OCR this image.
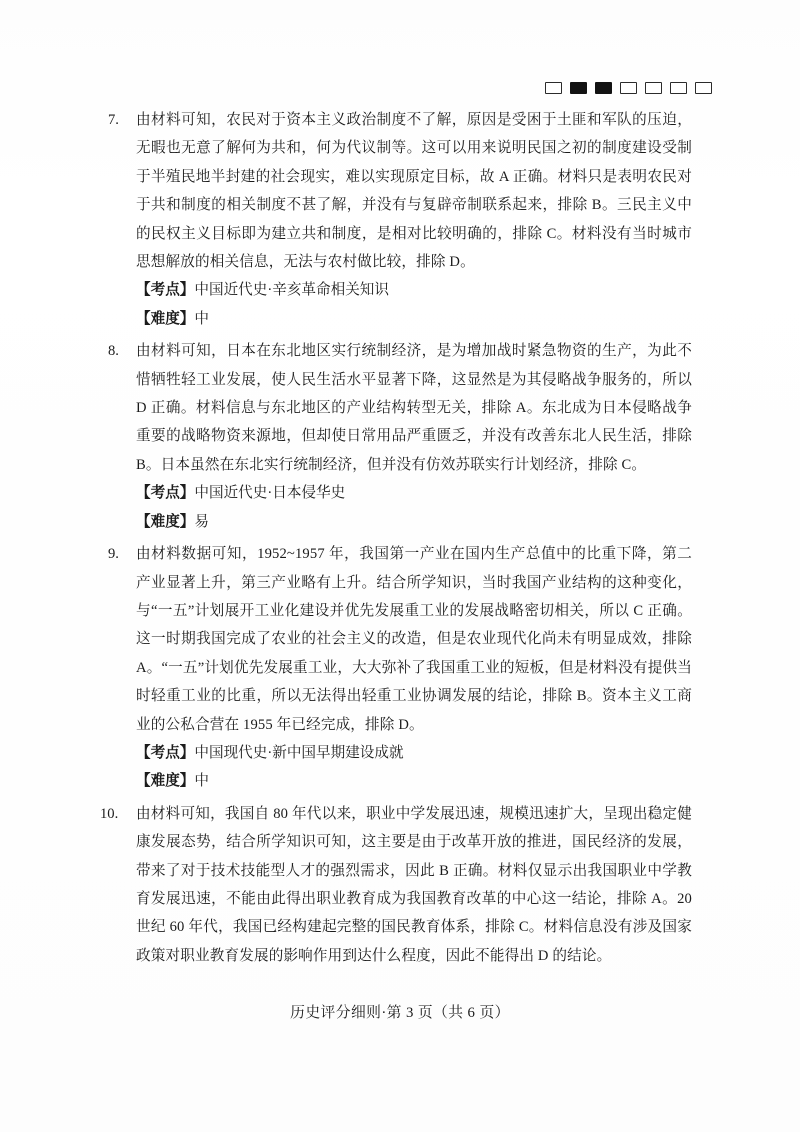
7.	由材料可知，农民对于资本主义政治制度不了解，原因是受困于土匪和军队的压迫，无暇也无意了解何为共和，何为代议制等。这可以用来说明民国之初的制度建设受制于半殖民地半封建的社会现实，难以实现原定目标，故 A 正确。材料只是表明农民对于共和制度的相关制度不甚了解，并没有与复辟帝制联系起来，排除 B。三民主义中的民权主义目标即为建立共和制度，是相对比较明确的，排除 C。材料没有当时城市思想解放的相关信息，无法与农村做比较，排除 D。

【考点】中国近代史·辛亥革命相关知识

【难度】中

8.	由材料可知，日本在东北地区实行统制经济，是为增加战时紧急物资的生产，为此不惜牺牲轻工业发展，使人民生活水平显著下降，这显然是为其侵略战争服务的，所以 D 正确。材料信息与东北地区的产业结构转型无关，排除 A。东北成为日本侵略战争重要的战略物资来源地，但却使日常用品严重匮乏，并没有改善东北人民生活，排除 B。日本虽然在东北实行统制经济，但并没有仿效苏联实行计划经济，排除 C。

【考点】中国近代史·日本侵华史

【难度】易

9.	由材料数据可知，1952~1957 年，我国第一产业在国内生产总值中的比重下降，第二产业显著上升，第三产业略有上升。结合所学知识，当时我国产业结构的这种变化，与“一五”计划展开工业化建设并优先发展重工业的发展战略密切相关，所以 C 正确。这一时期我国完成了农业的社会主义的改造，但是农业现代化尚未有明显成效，排除 A。“一五”计划优先发展重工业，大大弥补了我国重工业的短板，但是材料没有提供当时轻重工业的比重，所以无法得出轻重工业协调发展的结论，排除 B。资本主义工商业的公私合营在 1955 年已经完成，排除 D。

【考点】中国现代史·新中国早期建设成就

【难度】中

10.	由材料可知，我国自 80 年代以来，职业中学发展迅速，规模迅速扩大，呈现出稳定健康发展态势，结合所学知识可知，这主要是由于改革开放的推进，国民经济的发展，带来了对于技术技能型人才的强烈需求，因此 B 正确。材料仅显示出我国职业中学教育发展迅速，不能由此得出职业教育成为我国教育改革的中心这一结论，排除 A。20 世纪 60 年代，我国已经构建起完整的国民教育体系，排除 C。材料信息没有涉及国家政策对职业教育发展的影响作用到达什么程度，因此不能得出 D 的结论。

历史评分细则·第 3 页（共 6 页）
